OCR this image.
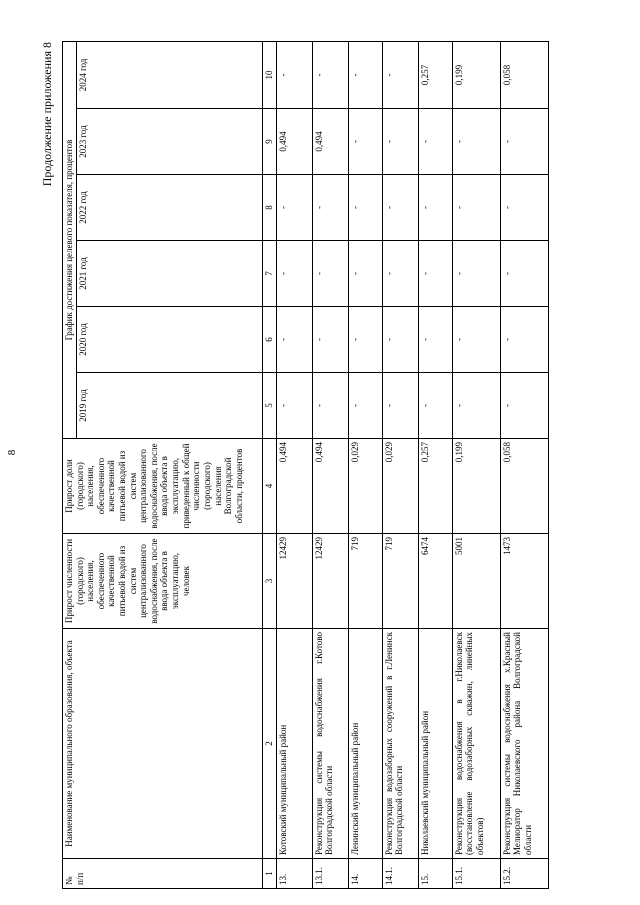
8
Продолжение приложения 8
№
п/п	Наименование муниципального образования, объекта	Прирост численности (городского) населения, обеспеченного качественной питьевой водой из систем централизованного водоснабжения, после ввода объекта в эксплуатацию, человек	Прирост доли (городского) населения, обеспеченного качественной питьевой водой из систем централизованного водоснабжения, после ввода объекта в эксплуатацию, приведенный к общей численности (городского) населения Волгоградской области, процентов	График достижения целевого показателя, процентов					
				2019 год	2020 год	2021 год	2022 год	2023 год	2024 год
1	2	3	4	5	6	7	8	9	10
13.	Котовский муниципальный район	12429	0,494	-	-	-	-	0,494	-
13.1.	Реконструкция системы водоснабжения г.Котово Волгоградской области	12429	0,494	-	-	-	-	0,494	-
14.	Ленинский муниципальный район	719	0,029	-	-	-	-	-	-
14.1.	Реконструкция водозаборных сооружений в г.Ленинск Волгоградской области	719	0,029	-	-	-	-	-	-
15.	Николаевский муниципальный район	6474	0,257	-	-	-	-	-	0,257
15.1.	Реконструкция водоснабжения в г.Николаевск (восстановление водозаборных скважин, линейных объектов)	5001	0,199	-	-	-	-	-	0,199
15.2.	Реконструкция системы водоснабжения х.Красный Мелиоратор Николаевского района Волгоградской области	1473	0,058	-	-	-	-	-	0,058
